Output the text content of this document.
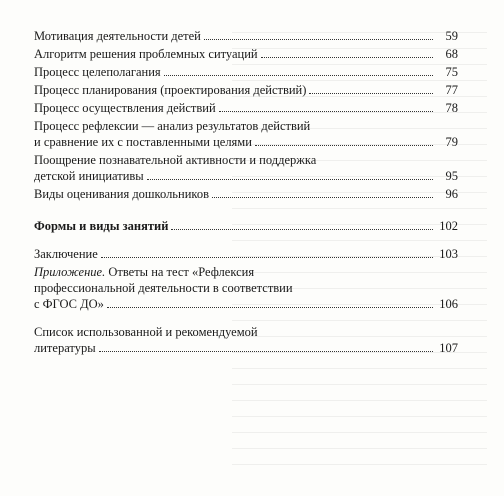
Мотивация деятельности детей	59
Алгоритм решения проблемных ситуаций	68
Процесс целеполагания	75
Процесс планирования (проектирования действий)	77
Процесс осуществления действий	78
Процесс рефлексии — анализ результатов действий
и сравнение их с поставленными целями	79
Поощрение познавательной активности и поддержка
детской инициативы	95
Виды оценивания дошкольников	96
Формы и виды занятий	102
Заключение	103
Приложение. Ответы на тест «Рефлексия
профессиональной деятельности в соответствии
с ФГОС ДО»	106
Список использованной и рекомендуемой
литературы	107
